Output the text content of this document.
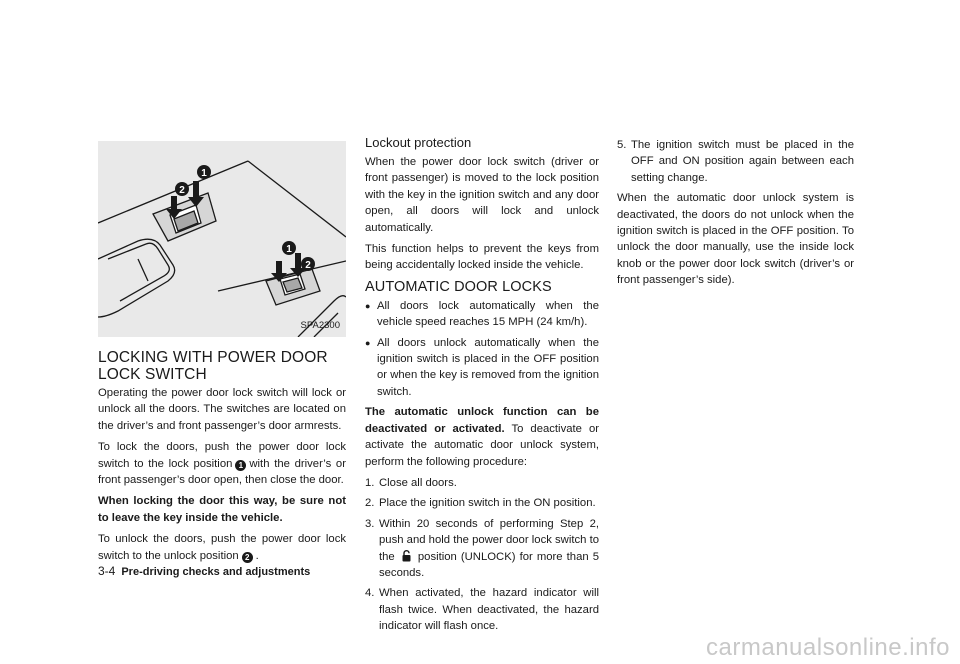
1
2
1
2
SPA2300
LOCKING WITH POWER DOOR LOCK SWITCH

Operating the power door lock switch will lock or unlock all the doors. The switches are located on the driver’s and front passenger’s door armrests.

To lock the doors, push the power door lock switch to the lock position 1 with the driver’s or front passenger’s door open, then close the door.

When locking the door this way, be sure not to leave the key inside the vehicle.

To unlock the doors, push the power door lock switch to the unlock position 2 .

Lockout protection

When the power door lock switch (driver or front passenger) is moved to the lock position with the key in the ignition switch and any door open, all doors will lock and unlock automatically.

This function helps to prevent the keys from being accidentally locked inside the vehicle.

AUTOMATIC DOOR LOCKS
● All doors lock automatically when the vehicle speed reaches 15 MPH (24 km/h).
● All doors unlock automatically when the ignition switch is placed in the OFF position or when the key is removed from the ignition switch.

The automatic unlock function can be deactivated or activated. To deactivate or activate the automatic door unlock system, perform the following procedure:

1. Close all doors.
2. Place the ignition switch in the ON position.
3. Within 20 seconds of performing Step 2, push and hold the power door lock switch to the position (UNLOCK) for more than 5 seconds.
4. When activated, the hazard indicator will flash twice. When deactivated, the hazard indicator will flash once.
5. The ignition switch must be placed in the OFF and ON position again between each setting change.

When the automatic door unlock system is deactivated, the doors do not unlock when the ignition switch is placed in the OFF position. To unlock the door manually, use the inside lock knob or the power door lock switch (driver’s or front passenger’s side).

3-4 Pre-driving checks and adjustments
carmanualsonline.info
